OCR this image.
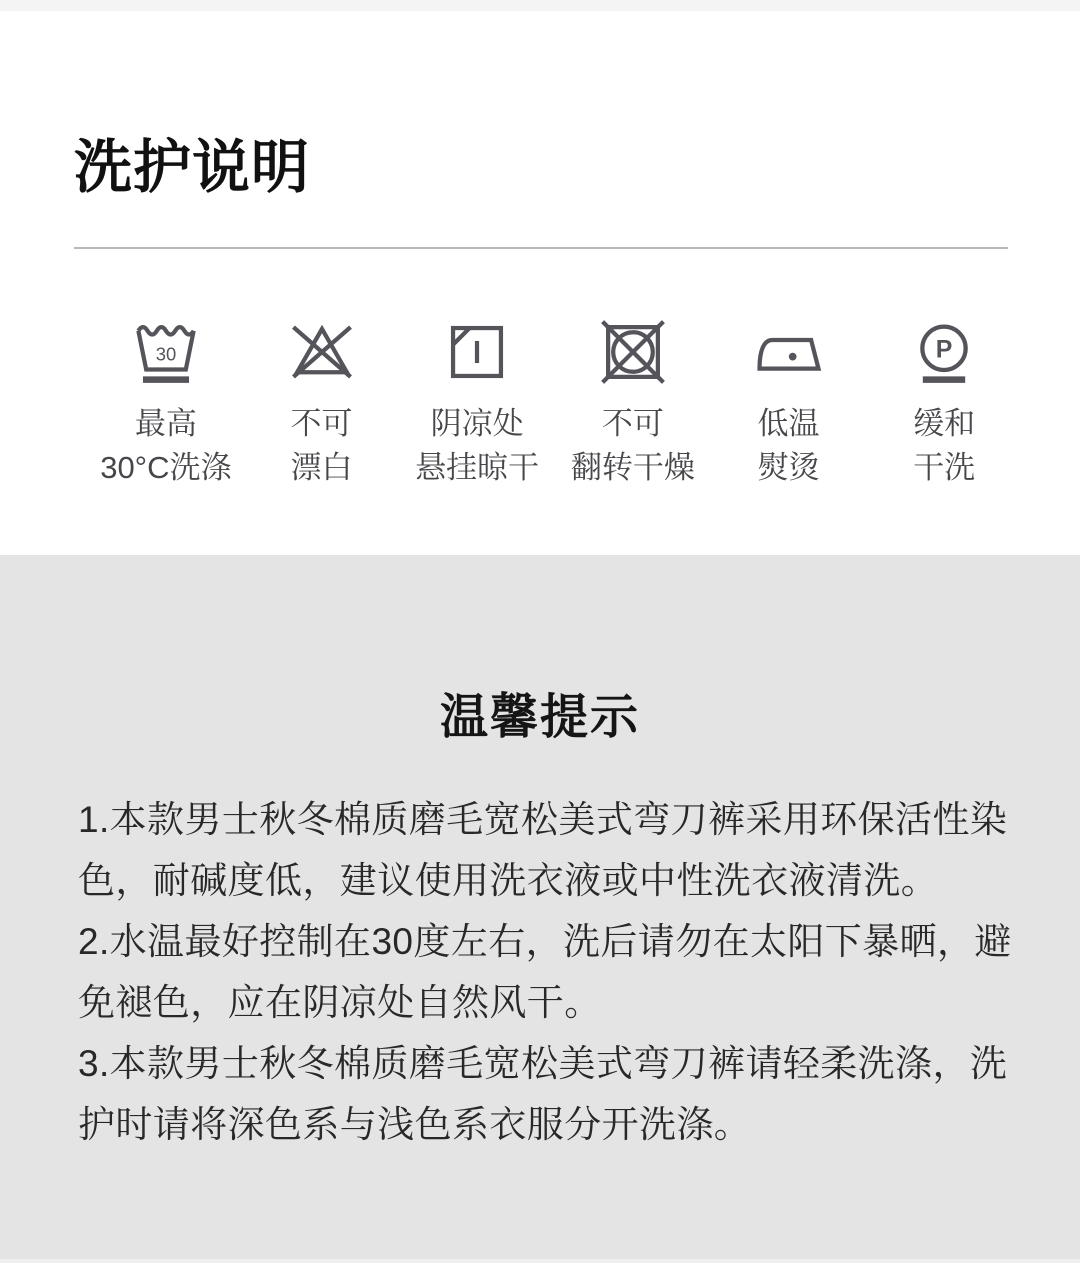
洗护说明
30
最高
30°C洗涤
不可
漂白
阴凉处
悬挂晾干
不可
翻转干燥
低温
熨烫
P
缓和
干洗
温馨提示
1.本款男士秋冬棉质磨毛宽松美式弯刀裤采用环保活性染
色，耐碱度低，建议使用洗衣液或中性洗衣液清洗。
2.水温最好控制在30度左右，洗后请勿在太阳下暴晒，避
免褪色，应在阴凉处自然风干。
3.本款男士秋冬棉质磨毛宽松美式弯刀裤请轻柔洗涤，洗
护时请将深色系与浅色系衣服分开洗涤。
